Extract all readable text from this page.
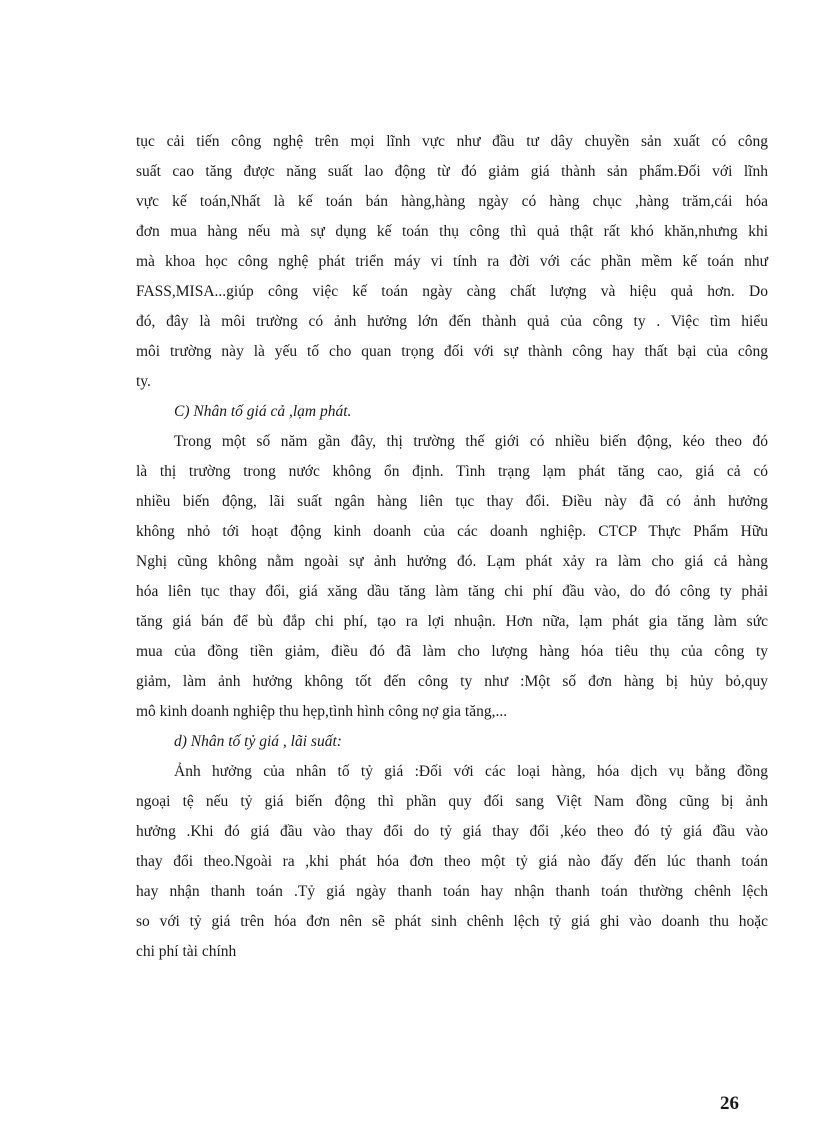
tục cải tiến công nghệ trên mọi lĩnh vực như đầu tư dây chuyền sản xuất có công
suất cao tăng được năng suất lao động từ đó giảm giá thành sản phẩm.Đối với lĩnh
vực kế toán,Nhất là kế toán bán hàng,hàng ngày có hàng chục ,hàng trăm,cái hóa
đơn mua hàng nếu mà sự dụng kế toán thụ công thì quả thật rất khó khăn,nhưng khi
mà khoa học công nghệ phát triển máy vi tính ra đời với các phần mềm kế toán như
FASS,MISA...giúp công việc kế toán ngày càng chất lượng và hiệu quả hơn. Do
đó, đây là môi trường có ảnh hưởng lớn đến thành quả của công ty . Việc tìm hiểu
môi trường này là yếu tố cho quan trọng đối với sự thành công hay thất bại của công
ty.
C) Nhân tố giá cả ,lạm phát.
Trong một số năm gần đây, thị trường thế giới có nhiều biến động, kéo theo đó
là thị trường trong nước không ổn định. Tình trạng lạm phát tăng cao, giá cả có
nhiều biến động, lãi suất ngân hàng liên tục thay đổi. Điều này đã có ảnh hưởng
không nhỏ tới hoạt động kinh doanh của các doanh nghiệp. CTCP Thực Phẩm Hữu
Nghị cũng không nằm ngoài sự ảnh hưởng đó. Lạm phát xảy ra làm cho giá cả hàng
hóa liên tục thay đổi, giá xăng dầu tăng làm tăng chi phí đầu vào, do đó công ty phải
tăng giá bán để bù đắp chi phí, tạo ra lợi nhuận. Hơn nữa, lạm phát gia tăng làm sức
mua của đồng tiền giảm, điều đó đã làm cho lượng hàng hóa tiêu thụ của công ty
giảm, làm ảnh hưởng không tốt đến công ty như :Một số đơn hàng bị hủy bỏ,quy
mô kinh doanh nghiệp thu hẹp,tình hình công nợ gia tăng,...
d) Nhân tố tỷ giá , lãi suất:
Ảnh hưởng của nhân tố tỷ giá :Đối với các loại hàng, hóa dịch vụ bằng đồng
ngoại tệ nếu tỷ giá biến động thì phần quy đối sang Việt Nam đồng cũng bị ảnh
hưởng .Khi đó giá đầu vào thay đổi do tỷ giá thay đổi ,kéo theo đó tỷ giá đầu vào
thay đổi theo.Ngoài ra ,khi phát hóa đơn theo một tỷ giá nào đấy đến lúc thanh toán
hay nhận thanh toán .Tỷ giá ngày thanh toán hay nhận thanh toán thường chênh lệch
so với tỷ giá trên hóa đơn nên sẽ phát sinh chênh lệch tỷ giá ghi vào doanh thu hoặc
chi phí tài chính
26
